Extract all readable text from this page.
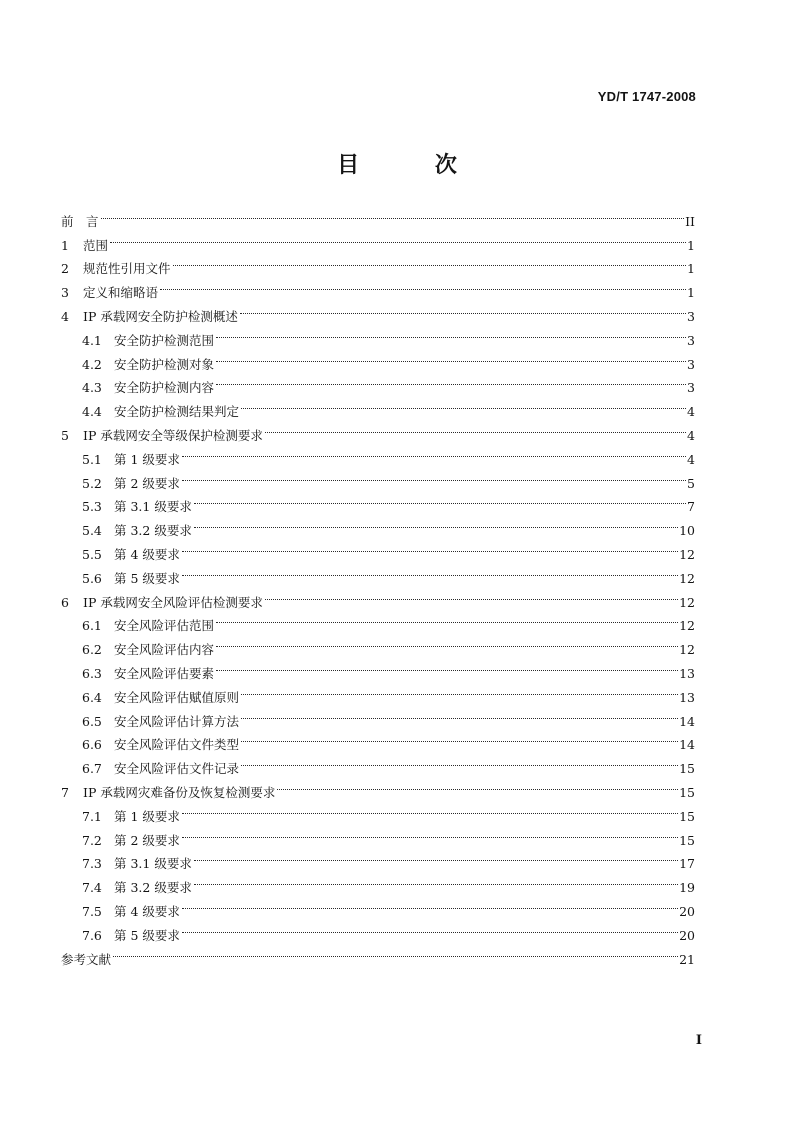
YD/T 1747-2008
目 次
前　言	II
1	范围	1
2	规范性引用文件	1
3	定义和缩略语	1
4	IP 承载网安全防护检测概述	3
4.1 安全防护检测范围	3
4.2 安全防护检测对象	3
4.3 安全防护检测内容	3
4.4 安全防护检测结果判定	4
5	IP 承载网安全等级保护检测要求	4
5.1 第 1 级要求	4
5.2 第 2 级要求	5
5.3 第 3.1 级要求	7
5.4 第 3.2 级要求	10
5.5 第 4 级要求	12
5.6 第 5 级要求	12
6	IP 承载网安全风险评估检测要求	12
6.1 安全风险评估范围	12
6.2 安全风险评估内容	12
6.3 安全风险评估要素	13
6.4 安全风险评估赋值原则	13
6.5 安全风险评估计算方法	14
6.6 安全风险评估文件类型	14
6.7 安全风险评估文件记录	15
7	IP 承载网灾难备份及恢复检测要求	15
7.1 第 1 级要求	15
7.2 第 2 级要求	15
7.3 第 3.1 级要求	17
7.4 第 3.2 级要求	19
7.5 第 4 级要求	20
7.6 第 5 级要求	20
参考文献	21
I
